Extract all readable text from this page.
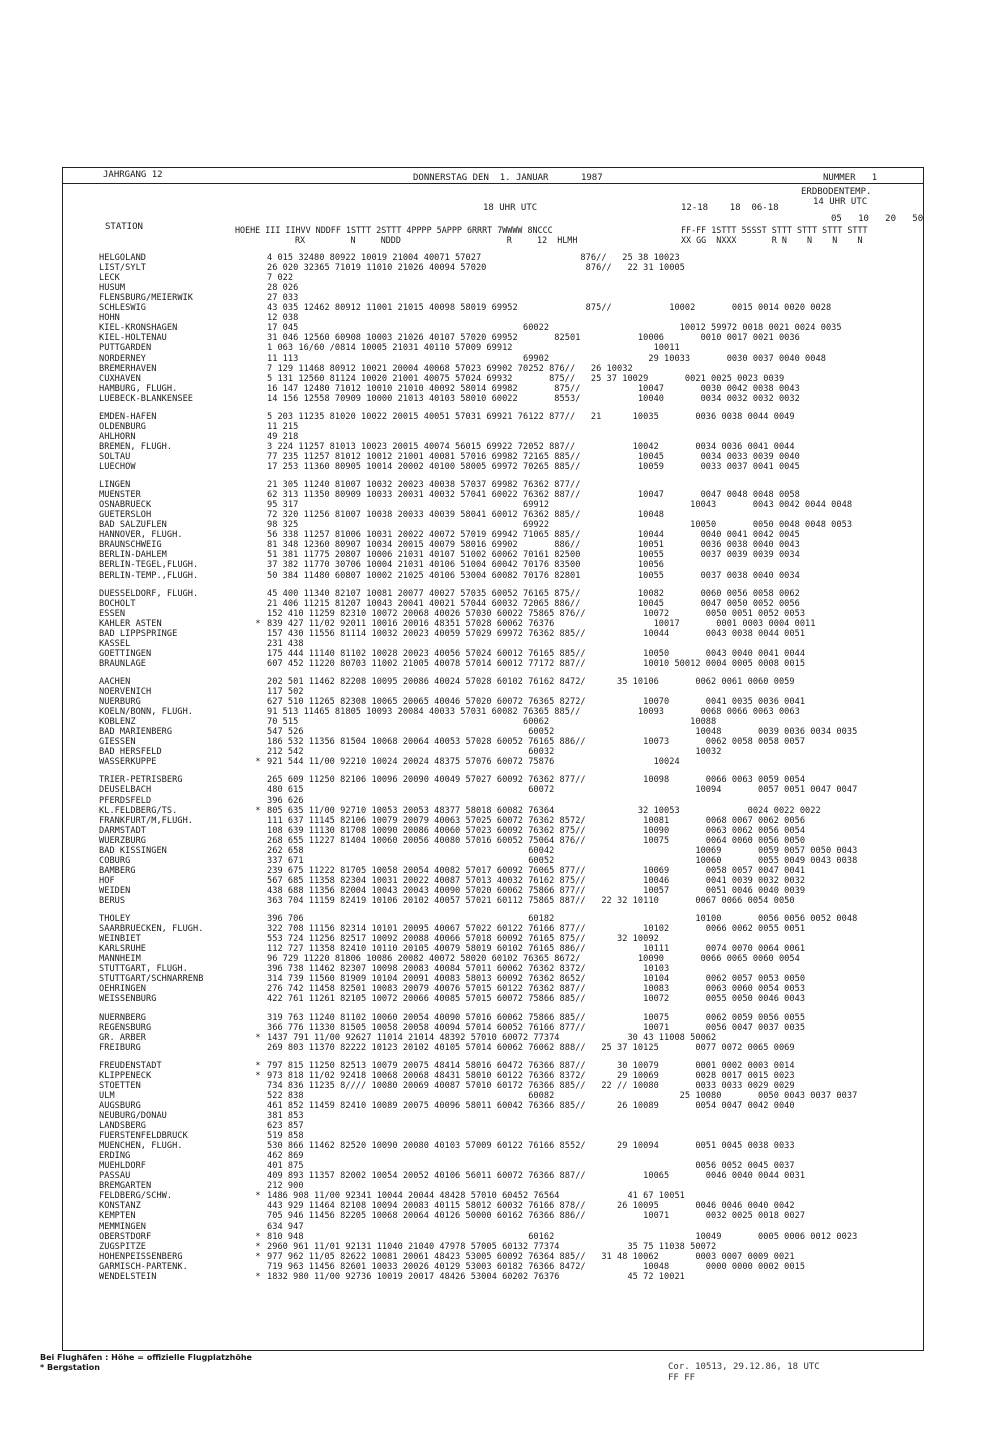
JAHRGANG 12	DONNERSTAG DEN  1. JANUAR      1987	NUMMER   1
ERDBODENTEMP.
18 UHR UTC	12-18    18  06-18
14 UHR UTC
05   10   20   50
STATION	HOEHE III IIHVV NDDFF 1STTT 2STTT 4PPPP 5APPP 6RRRT 7WWWW 8NCCC
RX         N     NDDD                     R     12  HLMH
FF-FF 1STTT 5SSST STTT STTT STTT STTT
XX GG  NXXX       R N    N    N    N
HELGOLAND	4 015 32480 80922 10019 21004 40071 57027                   876//   25 38 10023
LIST/SYLT	26 020 32365 71019 11010 21026 40094 57020                   876//   22 31 10005
LECK	7 022
HUSUM	28 026
FLENSBURG/MEIERWIK	27 033
SCHLESWIG	43 035 12462 80912 11001 21015 40098 58019 69952             875//           10002       0015 0014 0020 0028
HOHN	12 038
KIEL-KRONSHAGEN	17 045                                           60022                         10012 59972 0018 0021 0024 0035
KIEL-HOLTENAU	31 046 12560 60908 10003 21026 40107 57020 69952       82501           10006       0010 0017 0021 0036
PUTTGARDEN	1 063 16/60 /0814 10005 21031 40110 57009 69912                           10011
NORDERNEY	11 113                                           69902                   29 10033       0030 0037 0040 0048
BREMERHAVEN	7 129 11468 80912 10021 20004 40068 57023 69902 70252 876//   26 10032
CUXHAVEN	5 131 12560 81124 10020 21001 40075 57024 69932       875//   25 37 10029       0021 0025 0023 0039
HAMBURG, FLUGH.	16 147 12480 71012 10010 21010 40092 58014 69982       875//           10047       0030 0042 0038 0043
LUEBECK-BLANKENSEE	14 156 12558 70909 10000 21013 40103 58010 60022       8553/           10040       0034 0032 0032 0032
EMDEN-HAFEN	5 203 11235 81020 10022 20015 40051 57031 69921 76122 877//   21      10035       0036 0038 0044 0049
OLDENBURG	11 215
AHLHORN	49 218
BREMEN, FLUGH.	3 224 11257 81013 10023 20015 40074 56015 69922 72052 887//           10042       0034 0036 0041 0044
SOLTAU	77 235 11257 81012 10012 21001 40081 57016 69982 72165 885//           10045       0034 0033 0039 0040
LUECHOW	17 253 11360 80905 10014 20002 40100 58005 69972 70265 885//           10059       0033 0037 0041 0045
LINGEN	21 305 11240 81007 10032 20023 40038 57037 69982 76362 877//
MUENSTER	62 313 11350 80909 10033 20031 40032 57041 60022 76362 887//           10047       0047 0048 0048 0058
OSNABRUECK	95 317                                           69912                           10043       0043 0042 0044 0048
GUETERSLOH	72 320 11256 81007 10038 20033 40039 58041 60012 76362 885//           10048
BAD SALZUFLEN	98 325                                           69922                           10050       0050 0048 0048 0053
HANNOVER, FLUGH.	56 338 11257 81006 10031 20022 40072 57019 69942 71065 885//           10044       0040 0041 0042 0045
BRAUNSCHWEIG	81 348 12360 80907 10034 20015 40079 58016 69902       886//           10051       0036 0038 0040 0043
BERLIN-DAHLEM	51 381 11775 20807 10006 21031 40107 51002 60062 70161 82500           10055       0037 0039 0039 0034
BERLIN-TEGEL,FLUGH.	37 382 11770 30706 10004 21031 40106 51004 60042 70176 83500           10056
BERLIN-TEMP.,FLUGH.	50 384 11480 60807 10002 21025 40106 53004 60082 70176 82801           10055       0037 0038 0040 0034
DUESSELDORF, FLUGH.	45 400 11340 82107 10081 20077 40027 57035 60052 76165 875//           10082       0060 0056 0058 0062
BOCHOLT	21 406 11215 81207 10043 20041 40021 57044 60032 72065 886//           10045       0047 0050 0052 0056
ESSEN	152 410 11259 82310 10072 20068 40026 57030 60022 75865 876//           10072       0050 0051 0052 0053
KAHLER ASTEN	* 839 427 11/02 92011 10016 20016 48351 57028 60062 76376                   10017       0001 0003 0004 0011
BAD LIPPSPRINGE	157 430 11556 81114 10032 20023 40059 57029 69972 76362 885//           10044       0043 0038 0044 0051
KASSEL	231 438
GOETTINGEN	175 444 11140 81102 10028 20023 40056 57024 60012 76165 885//           10050       0043 0040 0041 0044
BRAUNLAGE	607 452 11220 80703 11002 21005 40078 57014 60012 77172 887//           10010 50012 0004 0005 0008 0015
AACHEN	202 501 11462 82208 10095 20086 40024 57028 60102 76162 8472/      35 10106       0062 0061 0060 0059
NOERVENICH	117 502
NUERBURG	627 510 11265 82308 10065 20065 40046 57020 60072 76365 8272/           10070       0041 0035 0036 0041
KOELN/BONN, FLUGH.	91 513 11465 81805 10093 20084 40033 57031 60082 76365 885//           10093       0068 0066 0063 0063
KOBLENZ	70 515                                           60062                           10088
BAD MARIENBERG	547 526                                           60052                           10048       0039 0036 0034 0035
GIESSEN	186 532 11356 81504 10068 20064 40053 57028 60052 76165 886//           10073       0062 0058 0058 0057
BAD HERSFELD	212 542                                           60032                           10032
WASSERKUPPE	* 921 544 11/00 92210 10024 20024 48375 57076 60072 75876                   10024
TRIER-PETRISBERG	265 609 11250 82106 10096 20090 40049 57027 60092 76362 877//           10098       0066 0063 0059 0054
DEUSELBACH	480 615                                           60072                           10094       0057 0051 0047 0047
PFERDSFELD	396 626
KL.FELDBERG/TS.	* 805 635 11/00 92710 10053 20053 48377 58018 60082 76364                32 10053             0024 0022 0022
FRANKFURT/M,FLUGH.	111 637 11145 82106 10079 20079 40063 57025 60072 76362 8572/           10081       0068 0067 0062 0056
DARMSTADT	108 639 11130 81708 10090 20086 40060 57023 60092 76362 875//           10090       0063 0062 0056 0054
WUERZBURG	268 655 11227 81404 10060 20056 40080 57016 60052 75064 876//           10075       0064 0060 0056 0050
BAD KISSINGEN	262 658                                           60042                           10069       0059 0057 0050 0043
COBURG	337 671                                           60052                           10060       0055 0049 0043 0038
BAMBERG	239 675 11222 81705 10058 20054 40082 57017 60092 76065 877//           10069       0058 0057 0047 0041
HOF	567 685 11358 82304 10031 20022 40087 57013 40032 76162 875//           10046       0041 0039 0032 0032
WEIDEN	438 688 11356 82004 10043 20043 40090 57020 60062 75866 877//           10057       0051 0046 0040 0039
BERUS	363 704 11159 82419 10106 20102 40057 57021 60112 75865 887//   22 32 10110       0067 0066 0054 0050
THOLEY	396 706                                           60182                           10100       0056 0056 0052 0048
SAARBRUECKEN, FLUGH.	322 708 11156 82314 10101 20095 40067 57022 60122 76166 877//           10102       0066 0062 0055 0051
WEINBIET	553 724 11256 82517 10092 20088 40066 57018 60092 76165 875//      32 10092
KARLSRUHE	112 727 11358 82410 10110 20105 40079 58019 60102 76165 886//           10111       0074 0070 0064 0061
MANNHEIM	96 729 11220 81806 10086 20082 40072 58020 60102 76365 8672/           10090       0066 0065 0060 0054
STUTTGART, FLUGH.	396 738 11462 82307 10098 20083 40084 57011 60062 76362 8372/           10103
STUTTGART/SCHNARRENB	314 739 11560 81909 10104 20091 40083 58013 60092 76362 8652/           10104       0062 0057 0053 0050
OEHRINGEN	276 742 11458 82501 10083 20079 40076 57015 60122 76362 887//           10083       0063 0060 0054 0053
WEISSENBURG	422 761 11261 82105 10072 20066 40085 57015 60072 75866 885//           10072       0055 0050 0046 0043
NUERNBERG	319 763 11240 81102 10060 20054 40090 57016 60062 75866 885//           10075       0062 0059 0056 0055
REGENSBURG	366 776 11330 81505 10058 20058 40094 57014 60052 76166 877//           10071       0056 0047 0037 0035
GR. ARBER	* 1437 791 11/00 92627 11014 21014 48392 57010 60072 77374             30 43 11008 50062
FREIBURG	269 803 11370 82222 10123 20102 40105 57014 60062 76062 888//   25 37 10125       0077 0072 0065 0069
FREUDENSTADT	* 797 815 11250 82513 10079 20075 48414 58016 60472 76366 887//      30 10079       0001 0002 0003 0014
KLIPPENECK	* 973 818 11/02 92418 10068 20068 48431 58010 60122 76366 8372/      29 10069       0028 0017 0015 0023
STOETTEN	734 836 11235 8//// 10080 20069 40087 57010 60172 76366 885//   22 // 10080       0033 0033 0029 0029
ULM	522 838                                           60082                        25 10080       0050 0043 0037 0037
AUGSBURG	461 852 11459 82410 10089 20075 40096 58011 60042 76366 885//      26 10089       0054 0047 0042 0040
NEUBURG/DONAU	381 853
LANDSBERG	623 857
FUERSTENFELDBRUCK	519 858
MUENCHEN, FLUGH.	530 866 11462 82520 10090 20080 40103 57009 60122 76166 8552/      29 10094       0051 0045 0038 0033
ERDING	462 869
MUEHLDORF	401 875                                                                           0056 0052 0045 0037
PASSAU	409 893 11357 82002 10054 20052 40106 56011 60072 76366 887//           10065       0046 0040 0044 0031
BREMGARTEN	212 900
FELDBERG/SCHW.	* 1486 908 11/00 92341 10044 20044 48428 57010 60452 76564             41 67 10051
KONSTANZ	443 929 11464 82108 10094 20083 40115 58012 60032 76166 878//      26 10095       0046 0046 0040 0042
KEMPTEN	705 946 11456 82205 10068 20064 40126 50000 60162 76366 886//           10071       0032 0025 0018 0027
MEMMINGEN	634 947
OBERSTDORF	* 810 948                                           60162                           10049       0005 0006 0012 0023
ZUGSPITZE	* 2960 961 11/01 92131 11040 21040 47978 57005 60132 77374             35 75 11038 50072
HOHENPEISSENBERG	* 977 962 11/05 82622 10081 20061 48423 53005 60092 76364 885//   31 48 10062       0003 0007 0009 0021
GARMISCH-PARTENK.	719 963 11456 82601 10033 20026 40129 53003 60182 76366 8472/           10048       0000 0000 0002 0015
WENDELSTEIN	* 1832 980 11/00 92736 10019 20017 48426 53004 60202 76376             45 72 10021
Bei Flughäfen : Höhe = offizielle Flugplatzhöhe
* Bergstation	Cor. 10513, 29.12.86, 18 UTC
FF FF
